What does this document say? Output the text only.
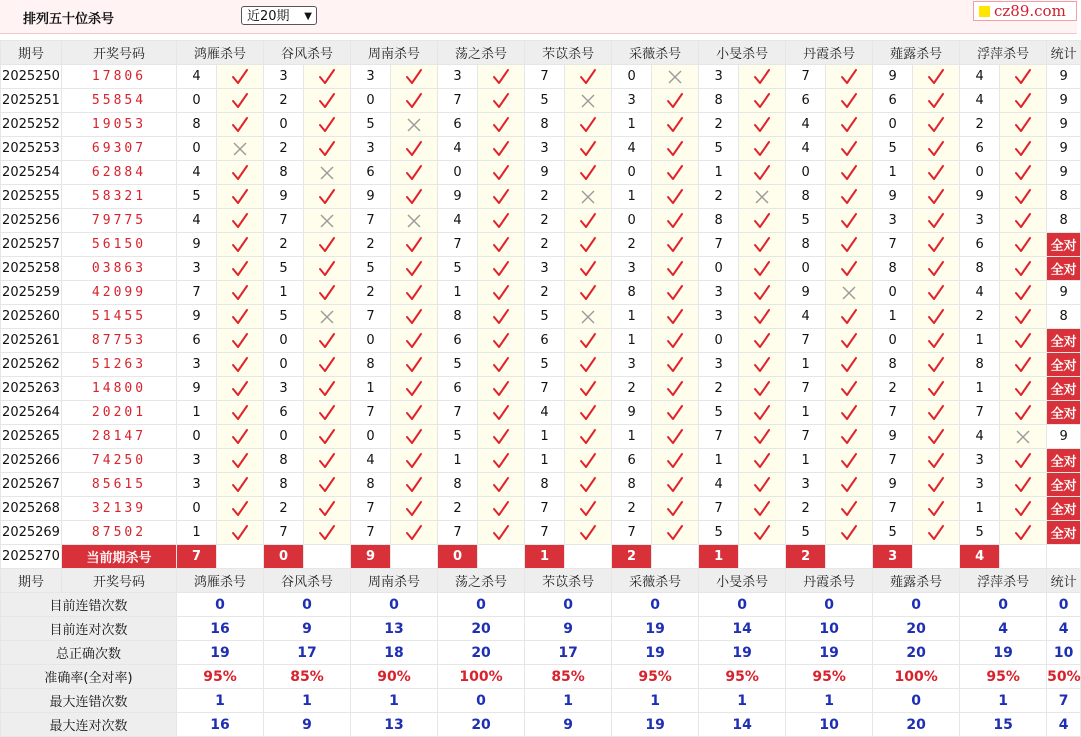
排列五十位杀号	近20期 ▼	cz89.com
期号	开奖号码	鸿雁杀号		谷风杀号		周南杀号		荡之杀号		芣苡杀号		采薇杀号		小旻杀号		丹霞杀号		薤露杀号		浮萍杀号		统计
2025250	17806	4		3		3		3		7		0		3		7		9		4		9
2025251	55854	0		2		0		7		5		3		8		6		6		4		9
2025252	19053	8		0		5		6		8		1		2		4		0		2		9
2025253	69307	0		2		3		4		3		4		5		4		5		6		9
2025254	62884	4		8		6		0		9		0		1		0		1		0		9
2025255	58321	5		9		9		9		2		1		2		8		9		9		8
2025256	79775	4		7		7		4		2		0		8		5		3		3		8
2025257	56150	9		2		2		7		2		2		7		8		7		6		全对
2025258	03863	3		5		5		5		3		3		0		0		8		8		全对
2025259	42099	7		1		2		1		2		8		3		9		0		4		9
2025260	51455	9		5		7		8		5		1		3		4		1		2		8
2025261	87753	6		0		0		6		6		1		0		7		0		1		全对
2025262	51263	3		0		8		5		5		3		3		1		8		8		全对
2025263	14800	9		3		1		6		7		2		2		7		2		1		全对
2025264	20201	1		6		7		7		4		9		5		1		7		7		全对
2025265	28147	0		0		0		5		1		1		7		7		9		4		9
2025266	74250	3		8		4		1		1		6		1		1		7		3		全对
2025267	85615	3		8		8		8		8		8		4		3		9		3		全对
2025268	32139	0		2		7		2		7		2		7		2		7		1		全对
2025269	87502	1		7		7		7		7		7		5		5		5		5		全对
2025270	当前期杀号	7		0		9		0		1		2		1		2		3		4		
期号	开奖号码	鸿雁杀号		谷风杀号		周南杀号		荡之杀号		芣苡杀号		采薇杀号		小旻杀号		丹霞杀号		薤露杀号		浮萍杀号		统计
目前连错次数		0		0		0		0		0		0		0		0		0		0		0
目前连对次数		16		9		13		20		9		19		14		10		20		4		4
总正确次数		19		17		18		20		17		19		19		19		20		19		10
准确率(全对率)		95%		85%		90%		100%		85%		95%		95%		95%		100%		95%		50%
最大连错次数		1		1		1		0		1		1		1		1		0		1		7
最大连对次数		16		9		13		20		9		19		14		10		20		15		4
